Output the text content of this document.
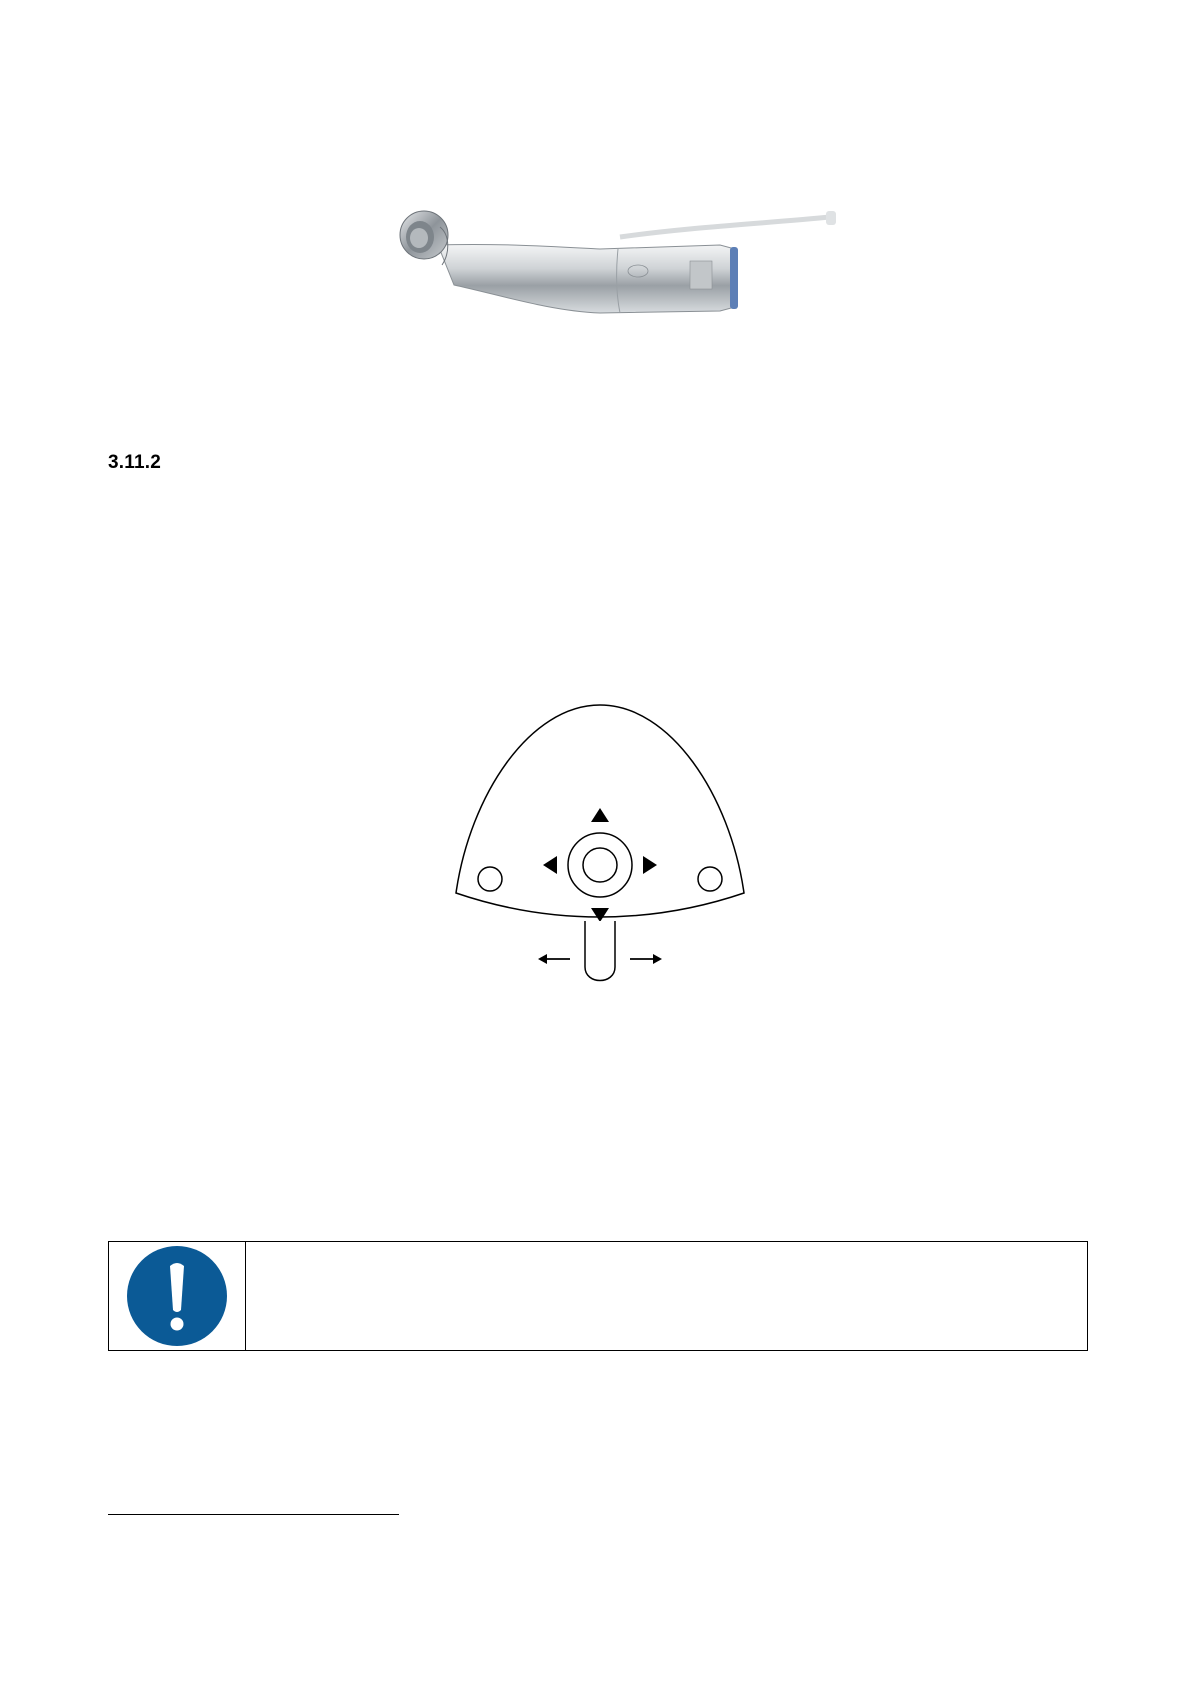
3.11.2
